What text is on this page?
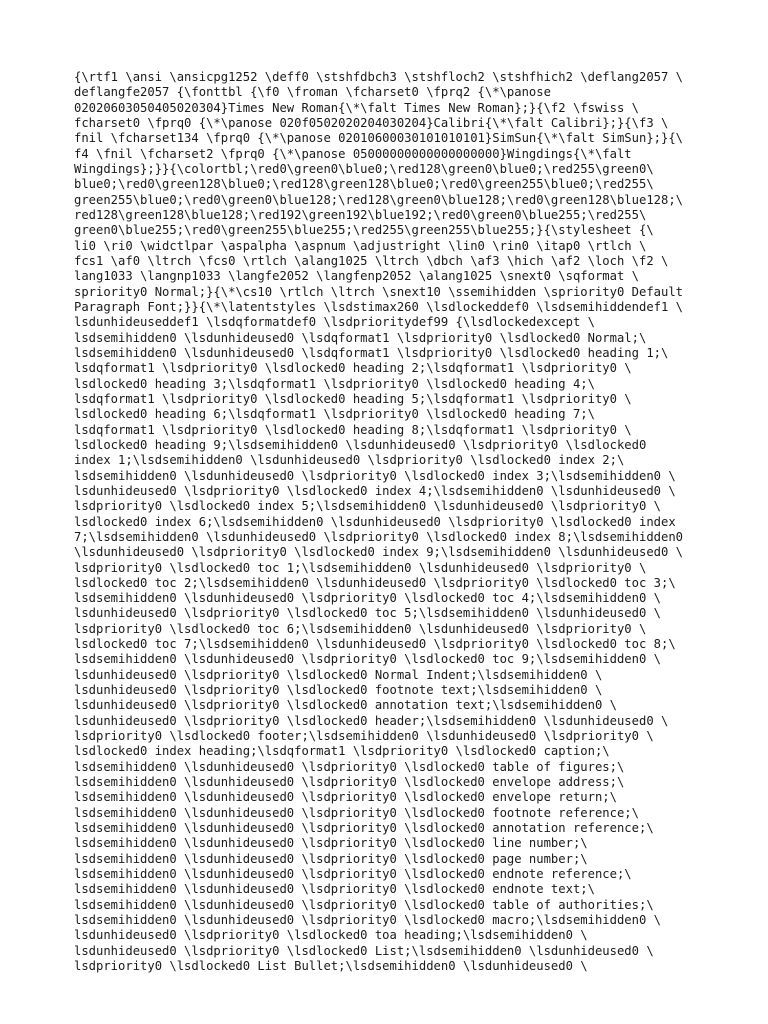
{\rtf1 \ansi \ansicpg1252 \deff0 \stshfdbch3 \stshfloch2 \stshfhich2 \deflang2057 \
deflangfe2057 {\fonttbl {\f0 \froman \fcharset0 \fprq2 {\*\panose
02020603050405020304}Times New Roman{\*\falt Times New Roman};}{\f2 \fswiss \
fcharset0 \fprq0 {\*\panose 020f0502020204030204}Calibri{\*\falt Calibri};}{\f3 \
fnil \fcharset134 \fprq0 {\*\panose 02010600030101010101}SimSun{\*\falt SimSun};}{\
f4 \fnil \fcharset2 \fprq0 {\*\panose 05000000000000000000}Wingdings{\*\falt
Wingdings};}}{\colortbl;\red0\green0\blue0;\red128\green0\blue0;\red255\green0\
blue0;\red0\green128\blue0;\red128\green128\blue0;\red0\green255\blue0;\red255\
green255\blue0;\red0\green0\blue128;\red128\green0\blue128;\red0\green128\blue128;\
red128\green128\blue128;\red192\green192\blue192;\red0\green0\blue255;\red255\
green0\blue255;\red0\green255\blue255;\red255\green255\blue255;}{\stylesheet {\
li0 \ri0 \widctlpar \aspalpha \aspnum \adjustright \lin0 \rin0 \itap0 \rtlch \
fcs1 \af0 \ltrch \fcs0 \rtlch \alang1025 \ltrch \dbch \af3 \hich \af2 \loch \f2 \
lang1033 \langnp1033 \langfe2052 \langfenp2052 \alang1025 \snext0 \sqformat \
spriority0 Normal;}{\*\cs10 \rtlch \ltrch \snext10 \ssemihidden \spriority0 Default
Paragraph Font;}}{\*\latentstyles \lsdstimax260 \lsdlockeddef0 \lsdsemihiddendef1 \
lsdunhideuseddef1 \lsdqformatdef0 \lsdprioritydef99 {\lsdlockedexcept \
lsdsemihidden0 \lsdunhideused0 \lsdqformat1 \lsdpriority0 \lsdlocked0 Normal;\
lsdsemihidden0 \lsdunhideused0 \lsdqformat1 \lsdpriority0 \lsdlocked0 heading 1;\
lsdqformat1 \lsdpriority0 \lsdlocked0 heading 2;\lsdqformat1 \lsdpriority0 \
lsdlocked0 heading 3;\lsdqformat1 \lsdpriority0 \lsdlocked0 heading 4;\
lsdqformat1 \lsdpriority0 \lsdlocked0 heading 5;\lsdqformat1 \lsdpriority0 \
lsdlocked0 heading 6;\lsdqformat1 \lsdpriority0 \lsdlocked0 heading 7;\
lsdqformat1 \lsdpriority0 \lsdlocked0 heading 8;\lsdqformat1 \lsdpriority0 \
lsdlocked0 heading 9;\lsdsemihidden0 \lsdunhideused0 \lsdpriority0 \lsdlocked0
index 1;\lsdsemihidden0 \lsdunhideused0 \lsdpriority0 \lsdlocked0 index 2;\
lsdsemihidden0 \lsdunhideused0 \lsdpriority0 \lsdlocked0 index 3;\lsdsemihidden0 \
lsdunhideused0 \lsdpriority0 \lsdlocked0 index 4;\lsdsemihidden0 \lsdunhideused0 \
lsdpriority0 \lsdlocked0 index 5;\lsdsemihidden0 \lsdunhideused0 \lsdpriority0 \
lsdlocked0 index 6;\lsdsemihidden0 \lsdunhideused0 \lsdpriority0 \lsdlocked0 index
7;\lsdsemihidden0 \lsdunhideused0 \lsdpriority0 \lsdlocked0 index 8;\lsdsemihidden0
\lsdunhideused0 \lsdpriority0 \lsdlocked0 index 9;\lsdsemihidden0 \lsdunhideused0 \
lsdpriority0 \lsdlocked0 toc 1;\lsdsemihidden0 \lsdunhideused0 \lsdpriority0 \
lsdlocked0 toc 2;\lsdsemihidden0 \lsdunhideused0 \lsdpriority0 \lsdlocked0 toc 3;\
lsdsemihidden0 \lsdunhideused0 \lsdpriority0 \lsdlocked0 toc 4;\lsdsemihidden0 \
lsdunhideused0 \lsdpriority0 \lsdlocked0 toc 5;\lsdsemihidden0 \lsdunhideused0 \
lsdpriority0 \lsdlocked0 toc 6;\lsdsemihidden0 \lsdunhideused0 \lsdpriority0 \
lsdlocked0 toc 7;\lsdsemihidden0 \lsdunhideused0 \lsdpriority0 \lsdlocked0 toc 8;\
lsdsemihidden0 \lsdunhideused0 \lsdpriority0 \lsdlocked0 toc 9;\lsdsemihidden0 \
lsdunhideused0 \lsdpriority0 \lsdlocked0 Normal Indent;\lsdsemihidden0 \
lsdunhideused0 \lsdpriority0 \lsdlocked0 footnote text;\lsdsemihidden0 \
lsdunhideused0 \lsdpriority0 \lsdlocked0 annotation text;\lsdsemihidden0 \
lsdunhideused0 \lsdpriority0 \lsdlocked0 header;\lsdsemihidden0 \lsdunhideused0 \
lsdpriority0 \lsdlocked0 footer;\lsdsemihidden0 \lsdunhideused0 \lsdpriority0 \
lsdlocked0 index heading;\lsdqformat1 \lsdpriority0 \lsdlocked0 caption;\
lsdsemihidden0 \lsdunhideused0 \lsdpriority0 \lsdlocked0 table of figures;\
lsdsemihidden0 \lsdunhideused0 \lsdpriority0 \lsdlocked0 envelope address;\
lsdsemihidden0 \lsdunhideused0 \lsdpriority0 \lsdlocked0 envelope return;\
lsdsemihidden0 \lsdunhideused0 \lsdpriority0 \lsdlocked0 footnote reference;\
lsdsemihidden0 \lsdunhideused0 \lsdpriority0 \lsdlocked0 annotation reference;\
lsdsemihidden0 \lsdunhideused0 \lsdpriority0 \lsdlocked0 line number;\
lsdsemihidden0 \lsdunhideused0 \lsdpriority0 \lsdlocked0 page number;\
lsdsemihidden0 \lsdunhideused0 \lsdpriority0 \lsdlocked0 endnote reference;\
lsdsemihidden0 \lsdunhideused0 \lsdpriority0 \lsdlocked0 endnote text;\
lsdsemihidden0 \lsdunhideused0 \lsdpriority0 \lsdlocked0 table of authorities;\
lsdsemihidden0 \lsdunhideused0 \lsdpriority0 \lsdlocked0 macro;\lsdsemihidden0 \
lsdunhideused0 \lsdpriority0 \lsdlocked0 toa heading;\lsdsemihidden0 \
lsdunhideused0 \lsdpriority0 \lsdlocked0 List;\lsdsemihidden0 \lsdunhideused0 \
lsdpriority0 \lsdlocked0 List Bullet;\lsdsemihidden0 \lsdunhideused0 \
